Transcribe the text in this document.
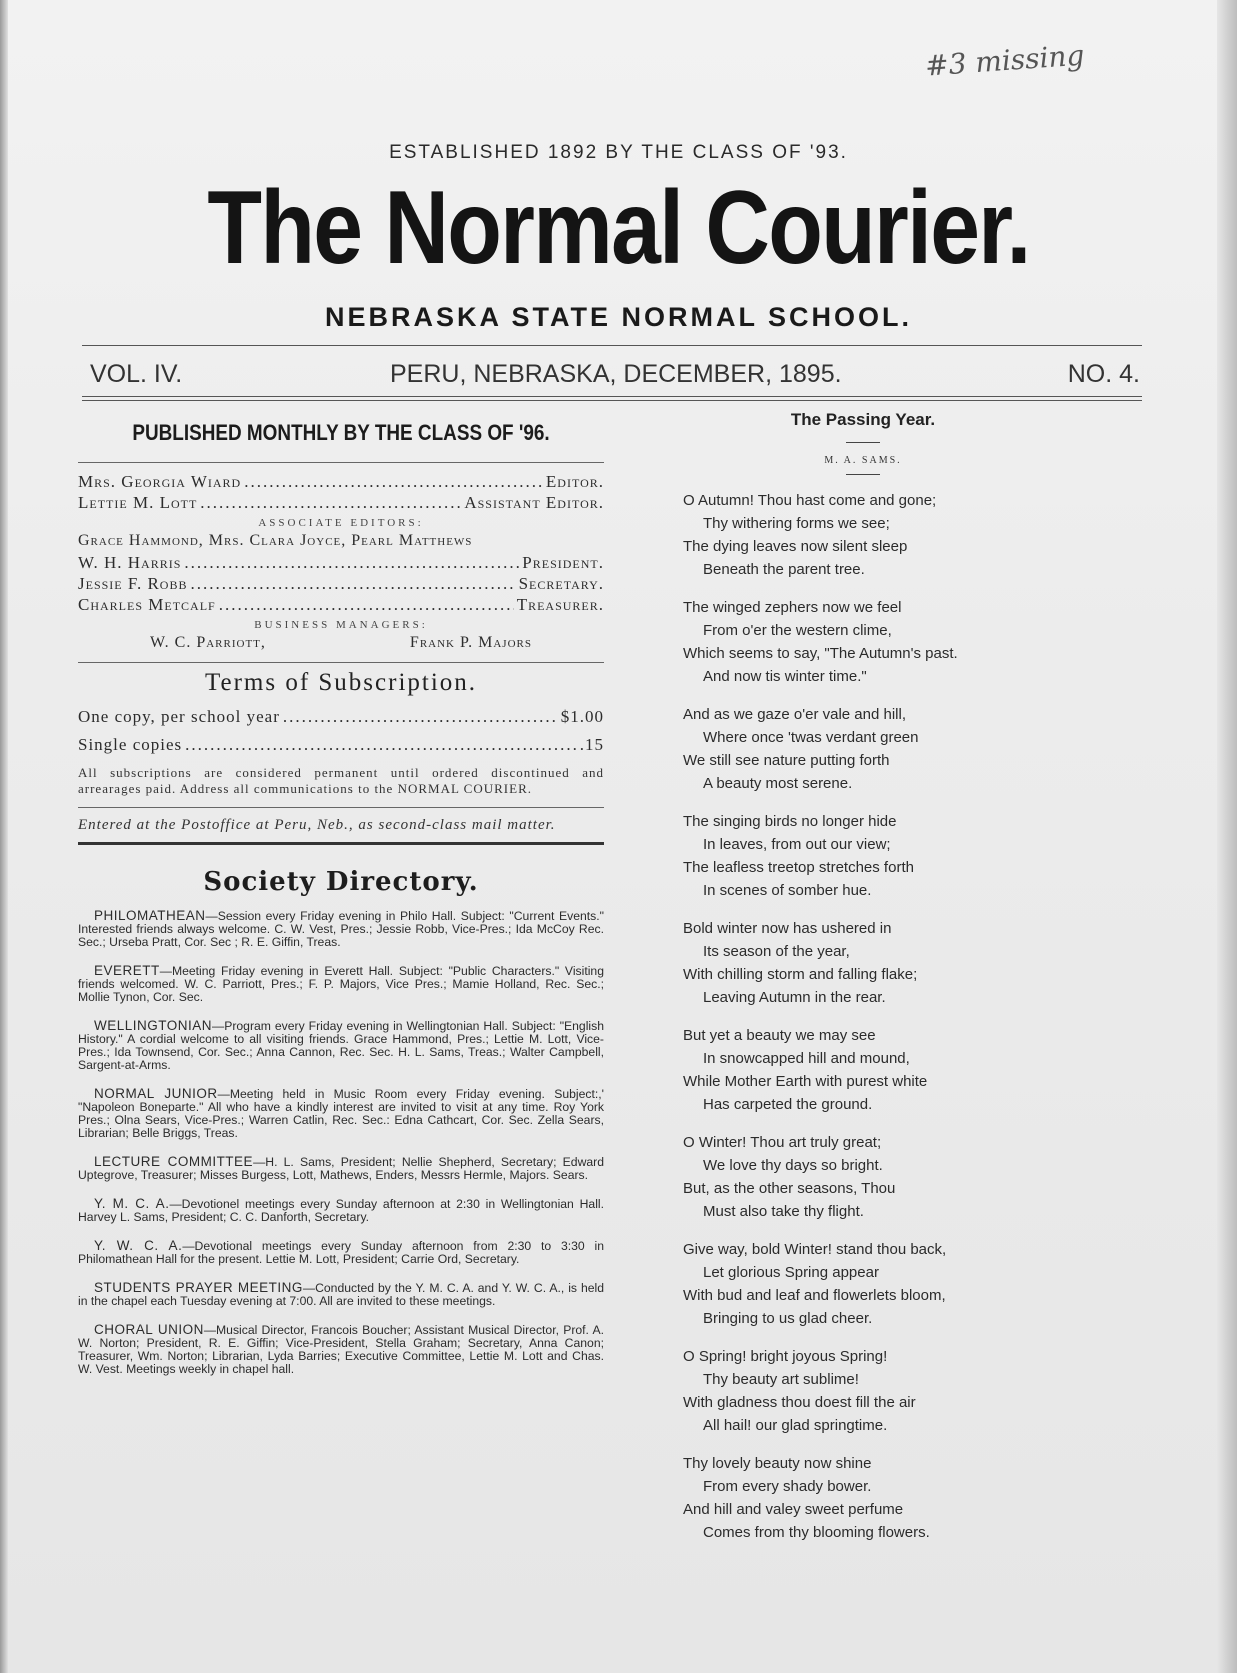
#3 missing
ESTABLISHED 1892 BY THE CLASS OF '93.
The Normal Courier.
NEBRASKA STATE NORMAL SCHOOL.
VOL. IV.	PERU, NEBRASKA, DECEMBER, 1895.	NO. 4.

PUBLISHED MONTHLY BY THE CLASS OF '96.

Mrs. Georgia Wiard .....	Editor.
Lettie M. Lott .....	Assistant Editor.
ASSOCIATE EDITORS:
Grace Hammond, Mrs. Clara Joyce, Pearl Matthews
W. H. Harris .....	President.
Jessie F. Robb .....	Secretary.
Charles Metcalf .....	Treasurer.
BUSINESS MANAGERS:
W. C. Parriott,	Frank P. Majors
Terms of Subscription.
One copy, per school year .....	$1.00
Single copies .....	.15

All subscriptions are considered permanent until ordered discontinued and arrearages paid. Address all communications to the NORMAL COURIER.

Entered at the Postoffice at Peru, Neb., as second-class mail matter.

Society Directory.

PHILOMATHEAN—Session every Friday evening in Philo Hall. Subject: "Current Events." Interested friends always welcome. C. W. Vest, Pres.; Jessie Robb, Vice-Pres.; Ida McCoy Rec. Sec.; Urseba Pratt, Cor. Sec ; R. E. Giffin, Treas.

EVERETT—Meeting Friday evening in Everett Hall. Subject: "Public Characters." Visiting friends welcomed. W. C. Parriott, Pres.; F. P. Majors, Vice Pres.; Mamie Holland, Rec. Sec.; Mollie Tynon, Cor. Sec.

WELLINGTONIAN—Program every Friday evening in Wellingtonian Hall. Subject: "English History." A cordial welcome to all visiting friends. Grace Hammond, Pres.; Lettie M. Lott, Vice-Pres.; Ida Townsend, Cor. Sec.; Anna Cannon, Rec. Sec. H. L. Sams, Treas.; Walter Campbell, Sargent-at-Arms.

NORMAL JUNIOR—Meeting held in Music Room every Friday evening. Subject:,' "Napoleon Boneparte." All who have a kindly interest are invited to visit at any time. Roy York Pres.; Olna Sears, Vice-Pres.; Warren Catlin, Rec. Sec.: Edna Cathcart, Cor. Sec. Zella Sears, Librarian; Belle Briggs, Treas.

LECTURE COMMITTEE—H. L. Sams, President; Nellie Shepherd, Secretary; Edward Uptegrove, Treasurer; Misses Burgess, Lott, Mathews, Enders, Messrs Hermle, Majors. Sears.

Y. M. C. A.—Devotionel meetings every Sunday afternoon at 2:30 in Wellingtonian Hall. Harvey L. Sams, President; C. C. Danforth, Secretary.

Y. W. C. A.—Devotional meetings every Sunday afternoon from 2:30 to 3:30 in Philomathean Hall for the present. Lettie M. Lott, President; Carrie Ord, Secretary.

STUDENTS PRAYER MEETING—Conducted by the Y. M. C. A. and Y. W. C. A., is held in the chapel each Tuesday evening at 7:00. All are invited to these meetings.

CHORAL UNION—Musical Director, Francois Boucher; Assistant Musical Director, Prof. A. W. Norton; President, R. E. Giffin; Vice-President, Stella Graham; Secretary, Anna Canon; Treasurer, Wm. Norton; Librarian, Lyda Barries; Executive Committee, Lettie M. Lott and Chas. W. Vest. Meetings weekly in chapel hall.

The Passing Year.

M. A. SAMS.
O Autumn! Thou hast come and gone;
Thy withering forms we see;
The dying leaves now silent sleep
Beneath the parent tree.
The winged zephers now we feel
From o'er the western clime,
Which seems to say, "The Autumn's past.
And now tis winter time."
And as we gaze o'er vale and hill,
Where once 'twas verdant green
We still see nature putting forth
A beauty most serene.
The singing birds no longer hide
In leaves, from out our view;
The leafless treetop stretches forth
In scenes of somber hue.
Bold winter now has ushered in
Its season of the year,
With chilling storm and falling flake;
Leaving Autumn in the rear.
But yet a beauty we may see
In snowcapped hill and mound,
While Mother Earth with purest white
Has carpeted the ground.
O Winter! Thou art truly great;
We love thy days so bright.
But, as the other seasons, Thou
Must also take thy flight.
Give way, bold Winter! stand thou back,
Let glorious Spring appear
With bud and leaf and flowerlets bloom,
Bringing to us glad cheer.
O Spring! bright joyous Spring!
Thy beauty art sublime!
With gladness thou doest fill the air
All hail! our glad springtime.
Thy lovely beauty now shine
From every shady bower.
And hill and valey sweet perfume
Comes from thy blooming flowers.
